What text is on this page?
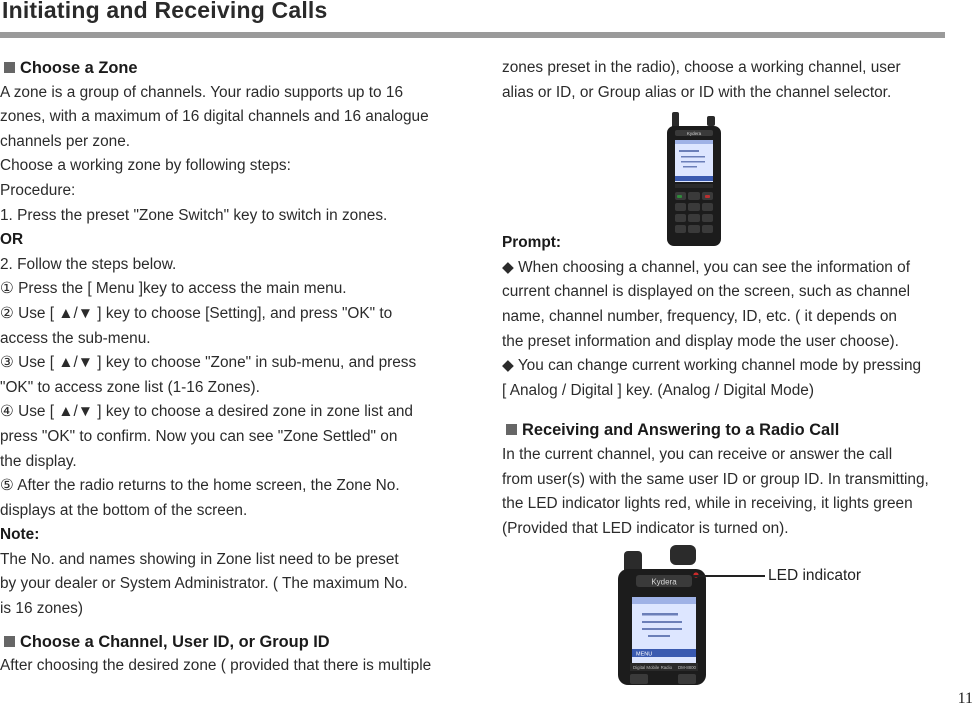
Initiating and Receiving Calls
Choose a Zone
A zone is a group of channels. Your radio supports up to 16
zones, with a maximum of 16 digital channels and 16 analogue
channels per zone.
Choose a working zone by following steps:
Procedure:
1. Press the preset "Zone Switch" key to switch in zones.
OR
2. Follow the steps below.
① Press the [ Menu ]key to access the main menu.
② Use [ ▲/▼ ] key to choose [Setting], and press "OK" to
access the sub-menu.
③ Use [ ▲/▼ ] key to choose "Zone" in sub-menu, and press
"OK" to access zone list (1-16 Zones).
④ Use [ ▲/▼ ] key to choose a desired zone in zone list and
press "OK" to confirm. Now you can see "Zone Settled" on
the display.
⑤ After the radio returns to the home screen, the Zone No.
displays at the bottom of the screen.
Note:
The No. and names showing in Zone list need to be preset
by your dealer or System Administrator. ( The maximum No.
is 16 zones)
Choose a Channel, User ID, or Group ID
After choosing the desired zone ( provided that there is multiple
zones preset in the radio), choose a working channel, user
alias or ID, or Group alias or ID with the channel selector.
Prompt:
◆ When choosing a channel, you can see the information of
current channel is displayed on the screen, such as channel
name, channel number, frequency, ID, etc. ( it depends on
the preset information and display mode the user choose).
◆ You can change current working channel mode by pressing
[ Analog / Digital ] key. (Analog / Digital Mode)
Receiving and Answering to a Radio Call
In the current channel, you can receive or answer the call
from user(s) with the same user ID or group ID. In transmitting,
the LED indicator lights red, while in receiving, it lights green
(Provided that LED indicator is turned on).
Kydera
Kydera
MENU
Digital Mobile Radio DM-8800
LED indicator
11
